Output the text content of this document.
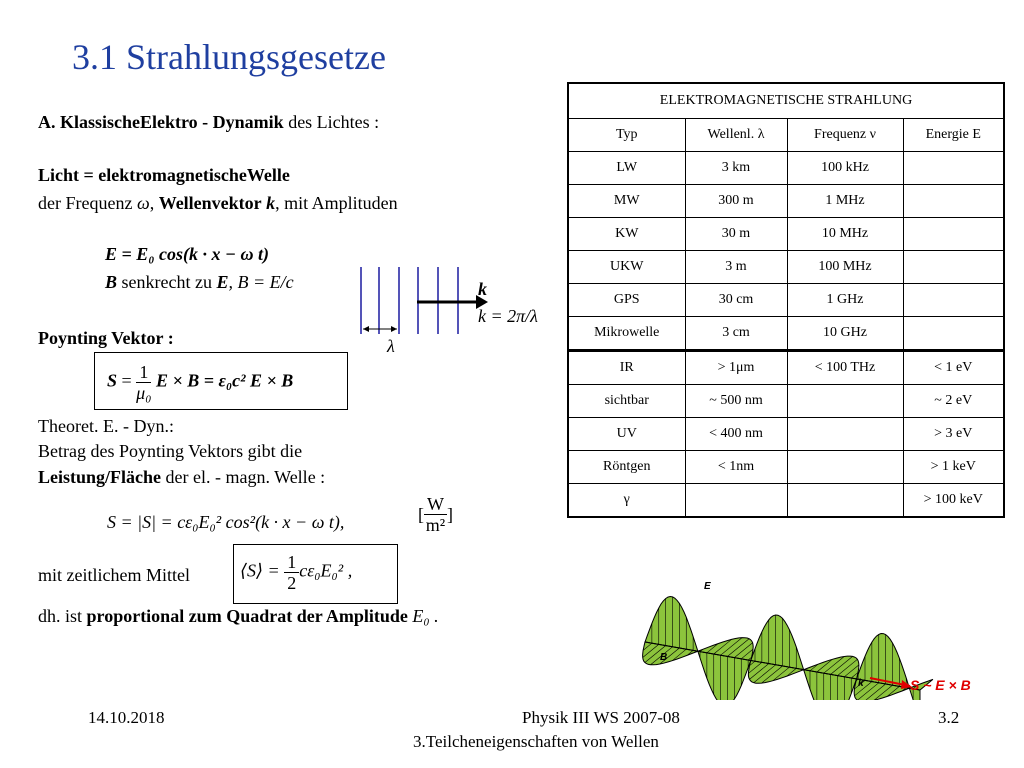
3.1 Strahlungsgesetze
A. KlassischeElektro - Dynamik des Lichtes :
Licht = elektromagnetischeWelle
der Frequenz ω, Wellenvektor k, mit Amplituden
E = E₀ cos(k · x − ω t)
B senkrecht zu E, B = E/c
Poynting Vektor :
$S = \frac{1}{\text{μ₀}}$ E × B = ε₀c² E × B
Theoret. E. - Dyn.:
Betrag des Poynting Vektors gibt die
Leistung/Fläche der el. - magn. Welle :
S = |S| = cε₀E₀² cos²(k · x − ω t),	[ $\frac{W}{\text{m²}}$ ]
mit zeitlichem Mittel	⟨S⟩ = $\frac{1}{2} c\varepsilon_0E_0^2$ ,
dh. ist proportional zum Quadrat der Amplitude E₀ .
k
k = 2π/λ
λ
ELEKTROMAGNETISCHE STRAHLUNG			
Typ	Wellenl. λ	Frequenz ν	Energie E
LW	3 km	100 kHz	
MW	300 m	1 MHz	
KW	30 m	10 MHz	
UKW	3 m	100 MHz	
GPS	30 cm	1 GHz	
Mikrowelle	3 cm	10 GHz	
IR	> 1μm	< 100 THz	< 1 eV
sichtbar	~ 500 nm		~ 2 eV
UV	< 400 nm		> 3 eV
Röntgen	< 1nm		> 1 keV
γ			> 100 keV
E
B
k	S ~ E × B
14.10.2018	Physik III WS 2007-08
3.Teilcheneigenschaften von Wellen
3.2
